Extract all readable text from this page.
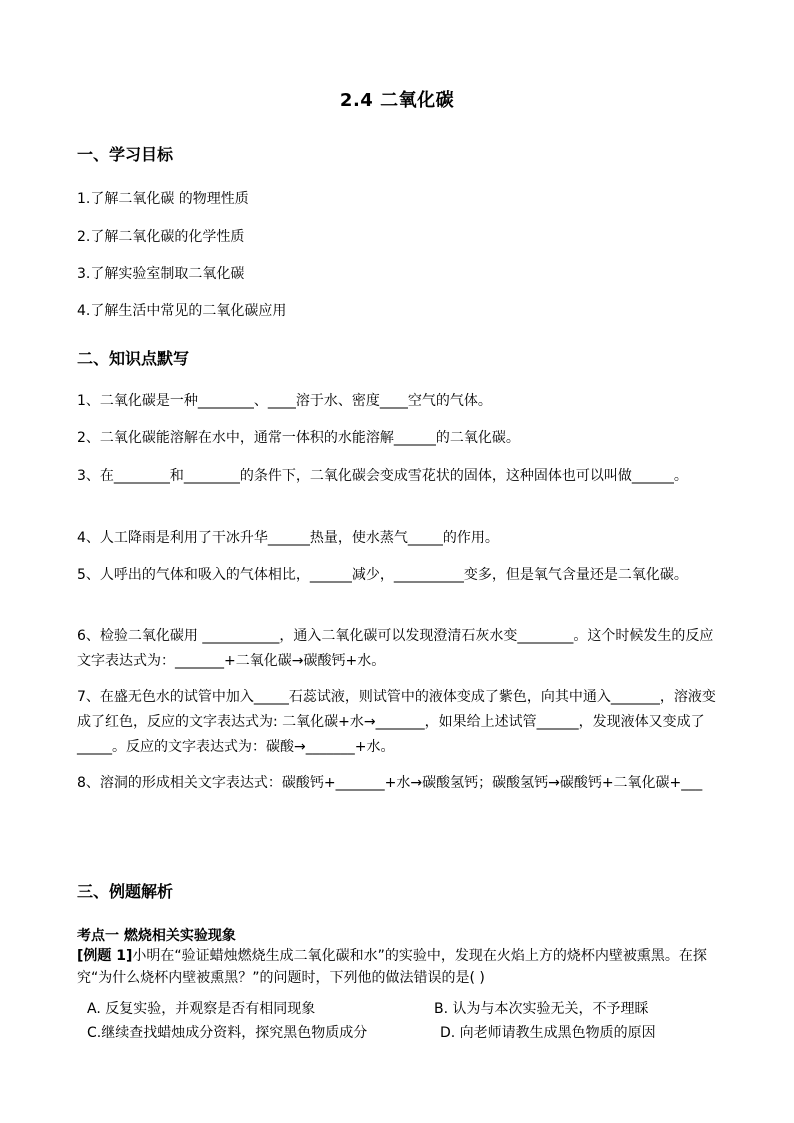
2.4 二氧化碳
一、学习目标
1.了解二氧化碳 的物理性质
2.了解二氧化碳的化学性质
3.了解实验室制取二氧化碳
4.了解生活中常见的二氧化碳应用
二、知识点默写
1、二氧化碳是一种________、____溶于水、密度____空气的气体。
2、二氧化碳能溶解在水中，通常一体积的水能溶解______的二氧化碳。
3、在________和________的条件下，二氧化碳会变成雪花状的固体，这种固体也可以叫做______。
4、人工降雨是利用了干冰升华______热量，使水蒸气_____的作用。
5、人呼出的气体和吸入的气体相比，______减少，__________变多，但是氧气含量还是二氧化碳。
6、检验二氧化碳用 ___________，通入二氧化碳可以发现澄清石灰水变________。这个时候发生的反应文字表达式为：_______+二氧化碳→碳酸钙+水。
7、在盛无色水的试管中加入_____石蕊试液，则试管中的液体变成了紫色，向其中通入_______，溶液变成了红色，反应的文字表达式为: 二氧化碳+水→_______，如果给上述试管______，发现液体又变成了_____。反应的文字表达式为：碳酸→_______+水。
8、溶洞的形成相关文字表达式：碳酸钙+_______+水→碳酸氢钙；碳酸氢钙→碳酸钙+二氧化碳+___
三、例题解析
考点一 燃烧相关实验现象
[例题 1]小明在“验证蜡烛燃烧生成二氧化碳和水”的实验中，发现在火焰上方的烧杯内壁被熏黑。在探究“为什么烧杯内壁被熏黑？”的问题时，下列他的做法错误的是( )
A. 反复实验，并观察是否有相同现象	B. 认为与本次实验无关，不予理睬
C.继续查找蜡烛成分资料，探究黑色物质成分	D. 向老师请教生成黑色物质的原因
